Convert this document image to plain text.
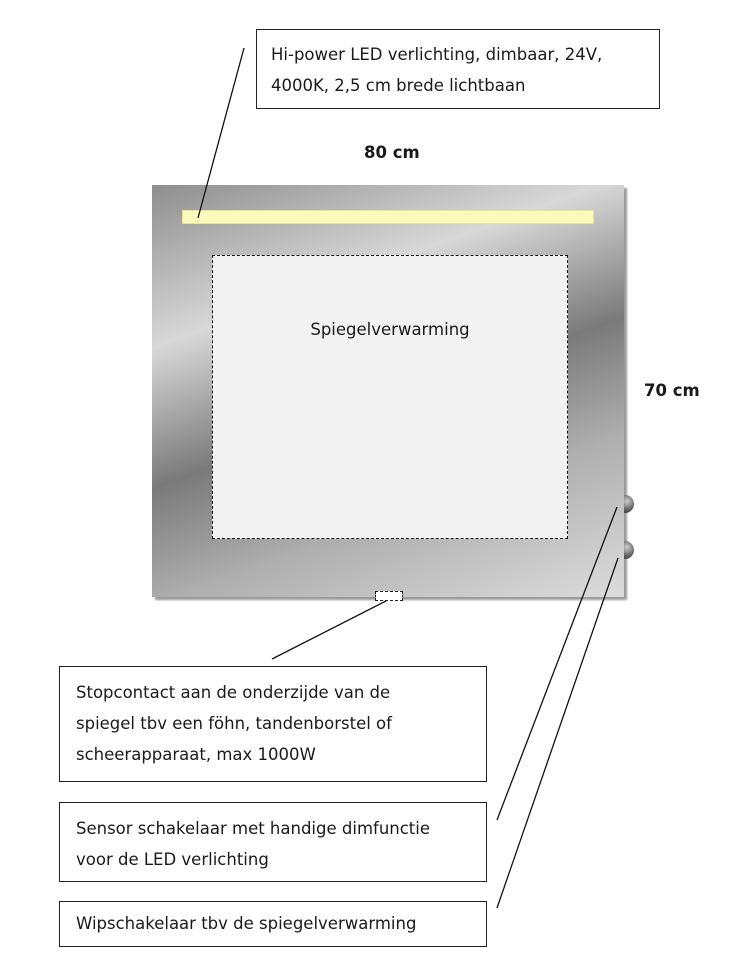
Hi-power LED verlichting, dimbaar, 24V,
4000K, 2,5 cm brede lichtbaan
80 cm
Spiegelverwarming
70 cm
Stopcontact aan de onderzijde van de
spiegel tbv een föhn, tandenborstel of
scheerapparaat, max 1000W
Sensor schakelaar met handige dimfunctie
voor de LED verlichting
Wipschakelaar tbv de spiegelverwarming
